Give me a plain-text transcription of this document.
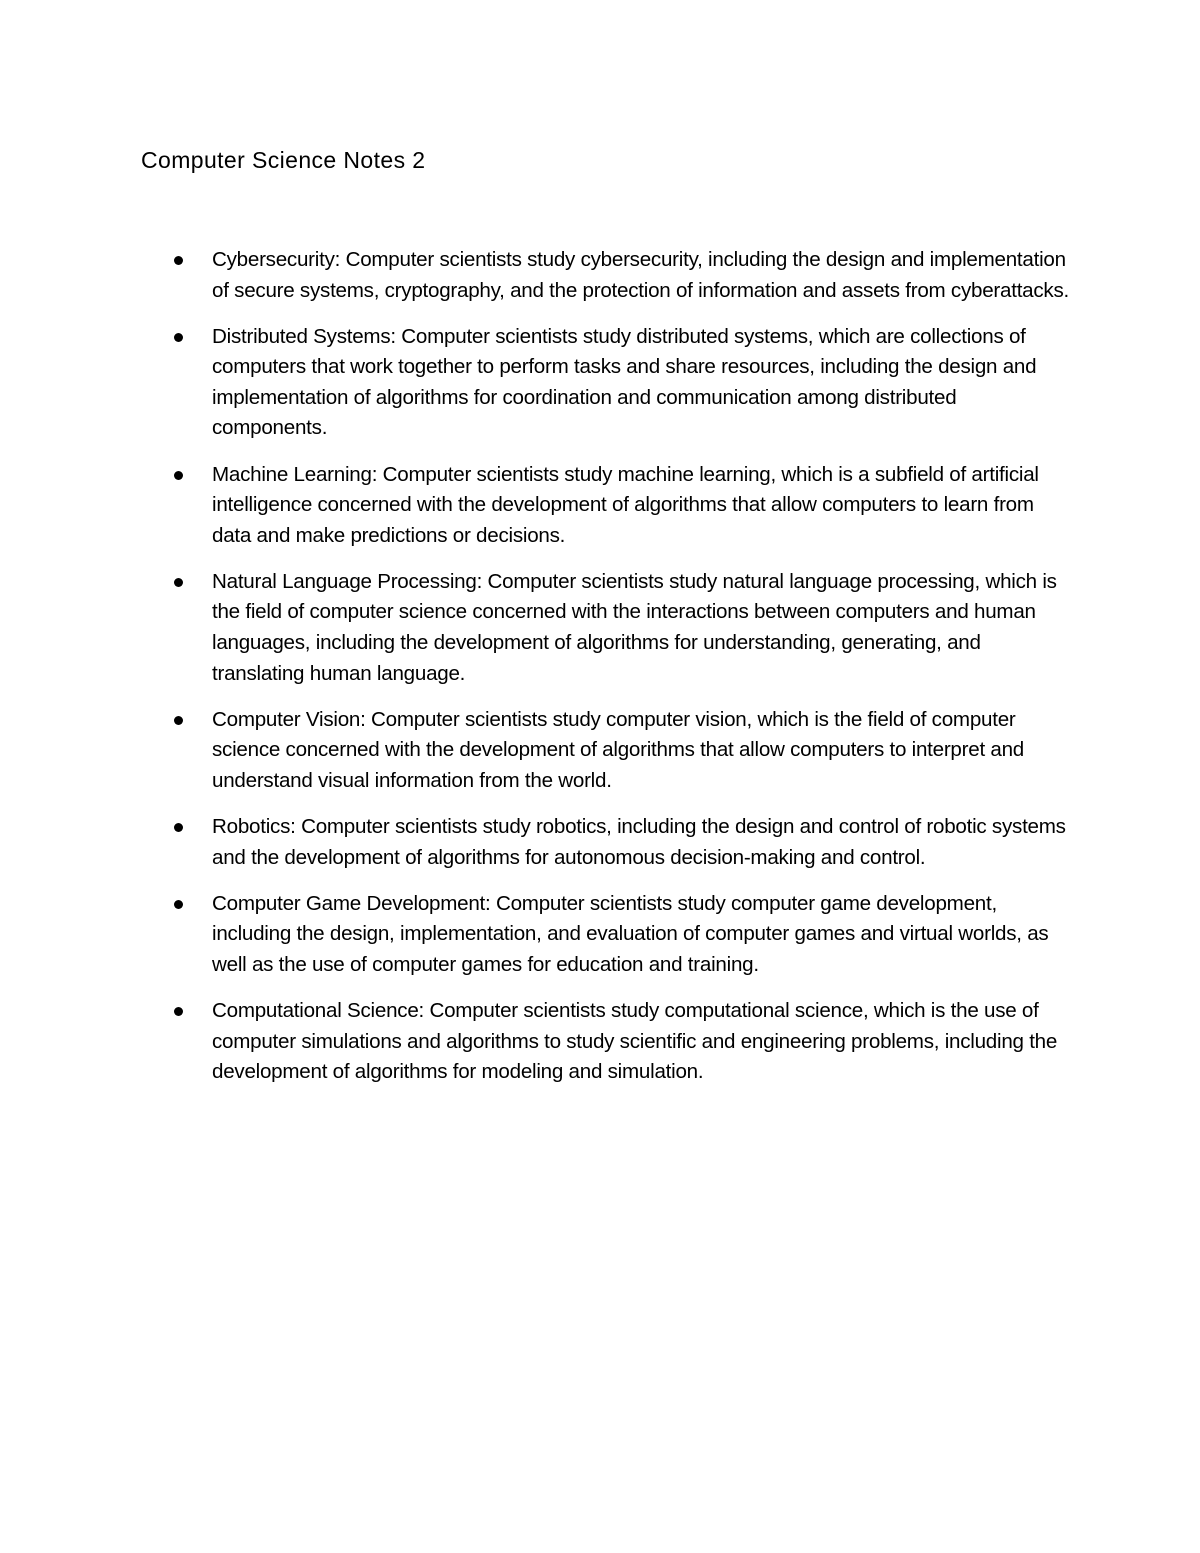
Computer Science Notes 2
Cybersecurity: Computer scientists study cybersecurity, including the design and implementation of secure systems, cryptography, and the protection of information and assets from cyberattacks.
Distributed Systems: Computer scientists study distributed systems, which are collections of computers that work together to perform tasks and share resources, including the design and implementation of algorithms for coordination and communication among distributed components.
Machine Learning: Computer scientists study machine learning, which is a subfield of artificial intelligence concerned with the development of algorithms that allow computers to learn from data and make predictions or decisions.
Natural Language Processing: Computer scientists study natural language processing, which is the field of computer science concerned with the interactions between computers and human languages, including the development of algorithms for understanding, generating, and translating human language.
Computer Vision: Computer scientists study computer vision, which is the field of computer science concerned with the development of algorithms that allow computers to interpret and understand visual information from the world.
Robotics: Computer scientists study robotics, including the design and control of robotic systems and the development of algorithms for autonomous decision-making and control.
Computer Game Development: Computer scientists study computer game development, including the design, implementation, and evaluation of computer games and virtual worlds, as well as the use of computer games for education and training.
Computational Science: Computer scientists study computational science, which is the use of computer simulations and algorithms to study scientific and engineering problems, including the development of algorithms for modeling and simulation.
